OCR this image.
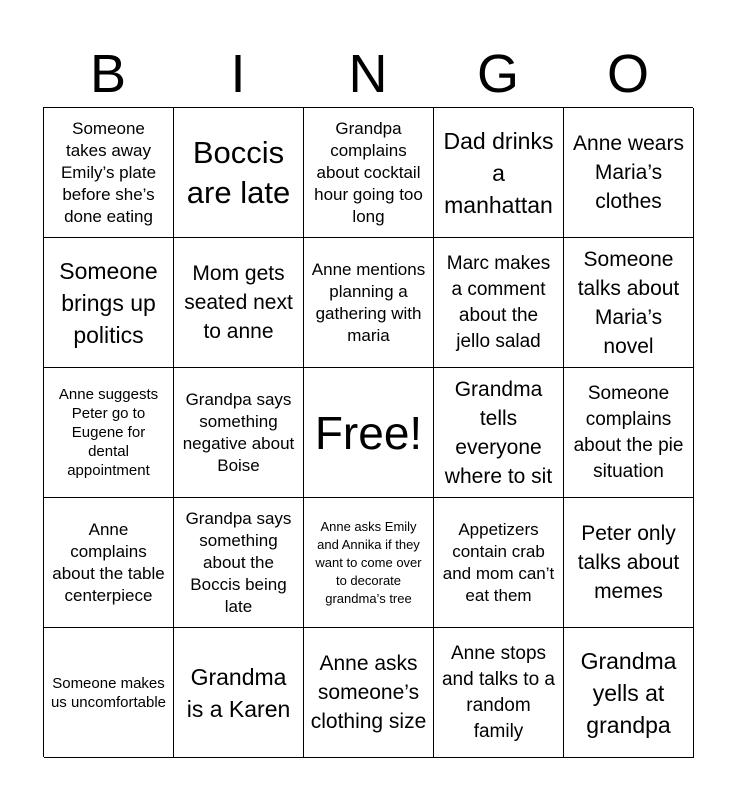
B	I	N	G	O
Someone takes away Emily’s plate before she’s done eating
Boccis are late
Grandpa complains about cocktail hour going too long
Dad drinks a manhattan
Anne wears Maria’s clothes
Someone brings up politics
Mom gets seated next to anne
Anne mentions planning a gathering with maria
Marc makes a comment about the jello salad
Someone talks about Maria’s novel
Anne suggests Peter go to Eugene for dental appointment
Grandpa says something negative about Boise
Free!
Grandma tells everyone where to sit
Someone complains about the pie situation
Anne complains about the table centerpiece
Grandpa says something about the Boccis being late
Anne asks Emily and Annika if they want to come over to decorate grandma’s tree
Appetizers contain crab and mom can’t eat them
Peter only talks about memes
Someone makes us uncomfortable
Grandma is a Karen
Anne asks someone’s clothing size
Anne stops and talks to a random family
Grandma yells at grandpa
